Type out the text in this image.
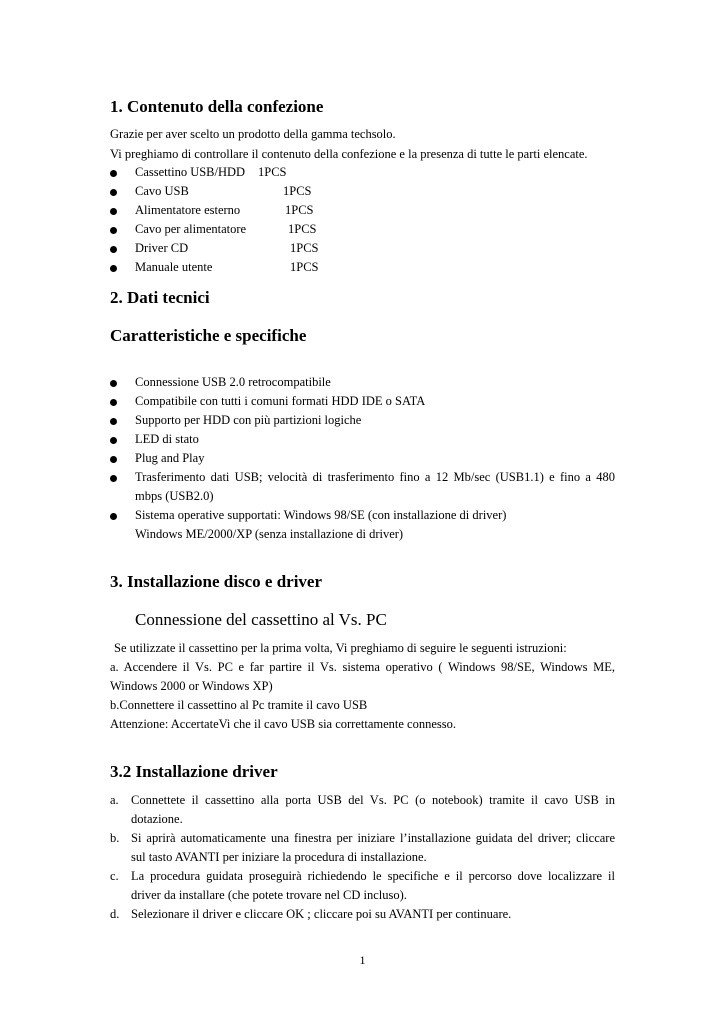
1. Contenuto della confezione
Grazie per aver scelto un prodotto della gamma techsolo.
Vi preghiamo di controllare il contenuto della confezione e la presenza di tutte le parti elencate.
Cassettino USB/HDD 1PCS
Cavo USB	1PCS
Alimentatore esterno	1PCS
Cavo per alimentatore	1PCS
Driver CD	1PCS
Manuale utente	1PCS
2. Dati tecnici
Caratteristiche e specifiche
Connessione USB 2.0 retrocompatibile
Compatibile con tutti i comuni formati HDD IDE o SATA
Supporto per HDD con più partizioni logiche
LED di stato
Plug and Play
Trasferimento dati USB; velocità di trasferimento fino a 12 Mb/sec (USB1.1) e fino a 480
mbps (USB2.0)
Sistema operative supportati: Windows 98/SE (con installazione di driver)
Windows ME/2000/XP (senza installazione di driver)
3. Installazione disco e driver
Connessione del cassettino al Vs. PC
Se utilizzate il cassettino per la prima volta, Vi preghiamo di seguire le seguenti istruzioni:
a. Accendere il Vs. PC e far partire il Vs. sistema operativo ( Windows 98/SE, Windows ME,
Windows 2000 or Windows XP)
b.Connettere il cassettino al Pc tramite il cavo USB
Attenzione: AccertateVi che il cavo USB sia correttamente connesso.
3.2 Installazione driver
a. Connettete il cassettino alla porta USB del Vs. PC (o notebook) tramite il cavo USB in
dotazione.
b. Si aprirà automaticamente una finestra per iniziare l’installazione guidata del driver; cliccare
sul tasto AVANTI per iniziare la procedura di installazione.
c. La procedura guidata proseguirà richiedendo le specifiche e il percorso dove localizzare il
driver da installare (che potete trovare nel CD incluso).
d. Selezionare il driver e cliccare OK ; cliccare poi su AVANTI per continuare.
1
